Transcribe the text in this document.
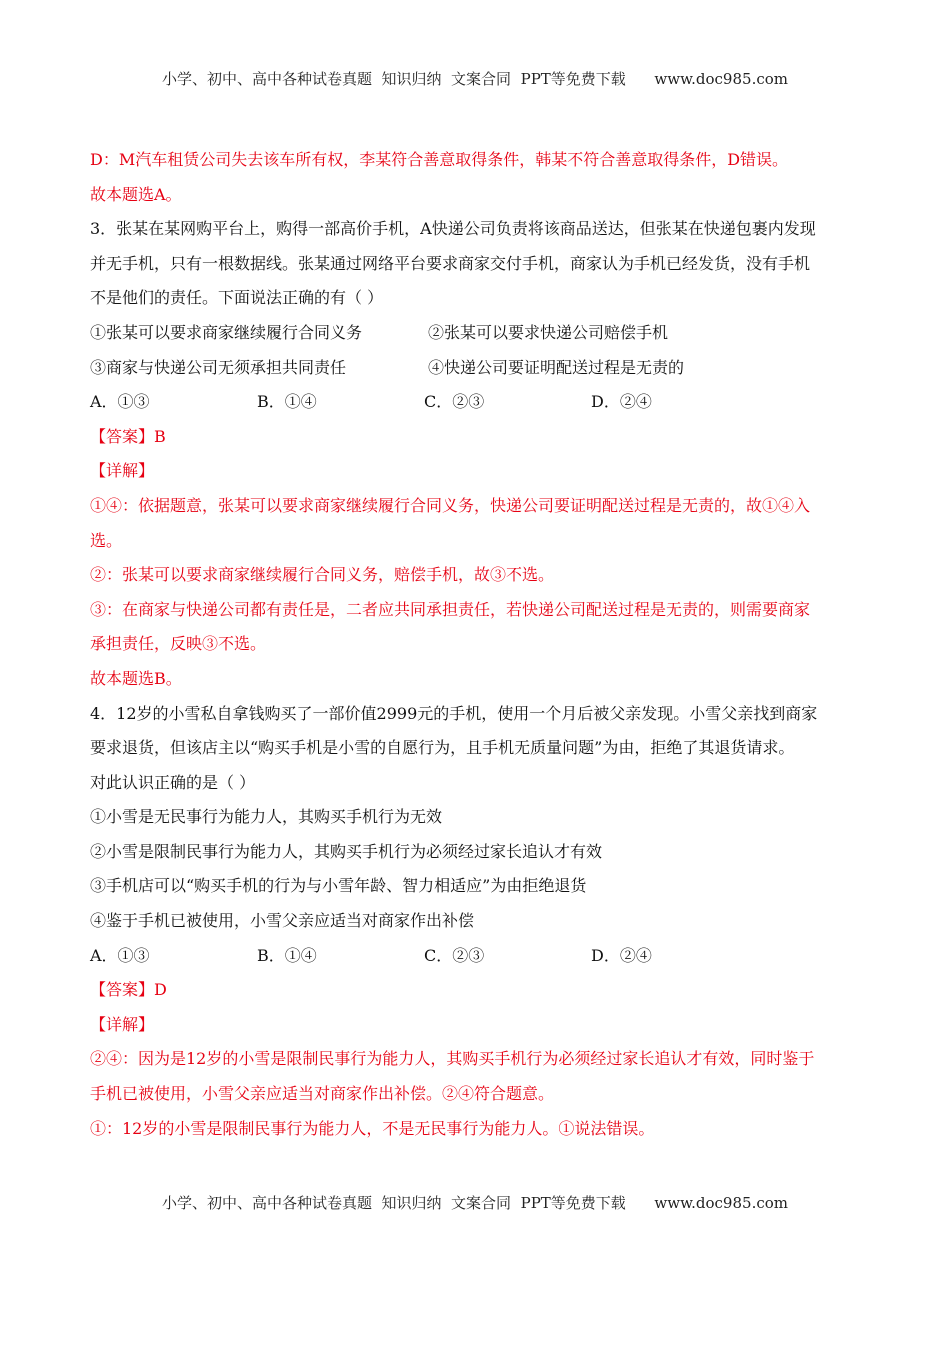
小学、初中、高中各种试卷真题  知识归纳  文案合同  PPT等免费下载      www.doc985.com
D：M汽车租赁公司失去该车所有权，李某符合善意取得条件，韩某不符合善意取得条件，D错误。
故本题选A。
3．张某在某网购平台上，购得一部高价手机，A快递公司负责将该商品送达，但张某在快递包裹内发现
并无手机，只有一根数据线。张某通过网络平台要求商家交付手机，商家认为手机已经发货，没有手机
不是他们的责任。下面说法正确的有（ ）
①张某可以要求商家继续履行合同义务	②张某可以要求快递公司赔偿手机
③商家与快递公司无须承担共同责任	④快递公司要证明配送过程是无责的
A．①③	B．①④	C．②③	D．②④
【答案】B
【详解】
①④：依据题意，张某可以要求商家继续履行合同义务，快递公司要证明配送过程是无责的，故①④入
选。
②：张某可以要求商家继续履行合同义务，赔偿手机，故③不选。
③：在商家与快递公司都有责任是，二者应共同承担责任，若快递公司配送过程是无责的，则需要商家
承担责任，反映③不选。
故本题选B。
4．12岁的小雪私自拿钱购买了一部价值2999元的手机，使用一个月后被父亲发现。小雪父亲找到商家
要求退货，但该店主以“购买手机是小雪的自愿行为，且手机无质量问题”为由，拒绝了其退货请求。
对此认识正确的是（ ）
①小雪是无民事行为能力人，其购买手机行为无效
②小雪是限制民事行为能力人，其购买手机行为必须经过家长追认才有效
③手机店可以“购买手机的行为与小雪年龄、智力相适应”为由拒绝退货
④鉴于手机已被使用，小雪父亲应适当对商家作出补偿
A．①③	B．①④	C．②③	D．②④
【答案】D
【详解】
②④：因为是12岁的小雪是限制民事行为能力人，其购买手机行为必须经过家长追认才有效，同时鉴于
手机已被使用，小雪父亲应适当对商家作出补偿。②④符合题意。
①：12岁的小雪是限制民事行为能力人，不是无民事行为能力人。①说法错误。
小学、初中、高中各种试卷真题  知识归纳  文案合同  PPT等免费下载      www.doc985.com
